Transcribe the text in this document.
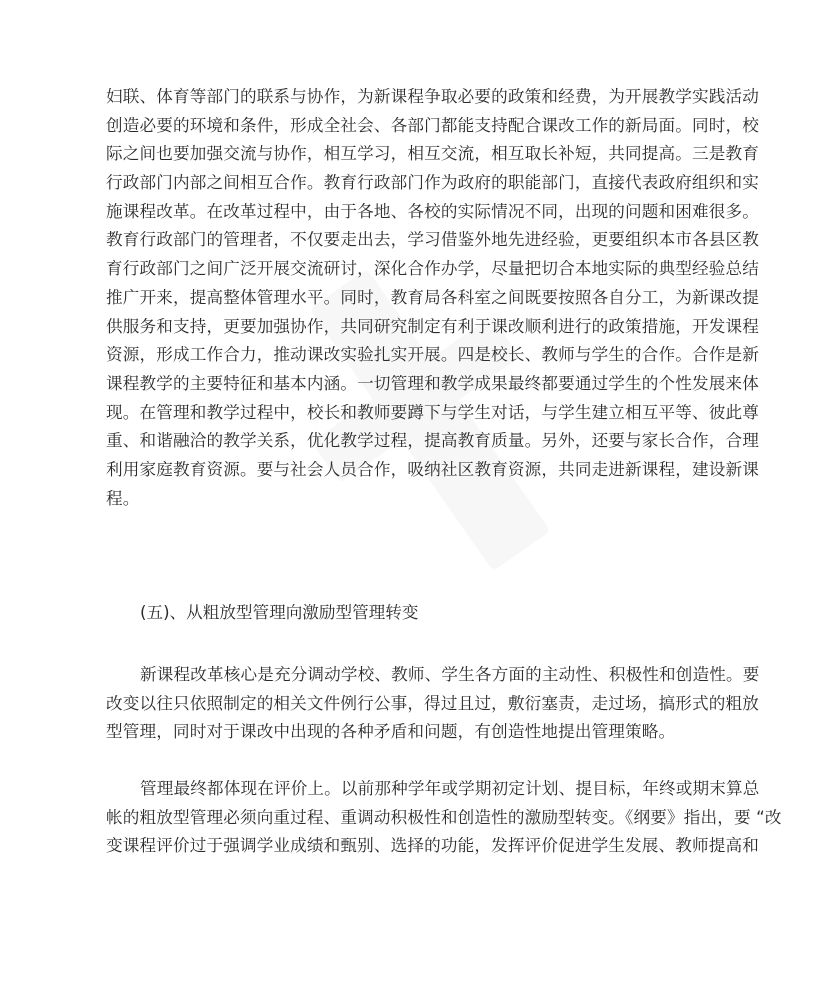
妇联、体育等部门的联系与协作，为新课程争取必要的政策和经费，为开展教学实践活动
创造必要的环境和条件，形成全社会、各部门都能支持配合课改工作的新局面。同时，校
际之间也要加强交流与协作，相互学习，相互交流，相互取长补短，共同提高。三是教育
行政部门内部之间相互合作。教育行政部门作为政府的职能部门，直接代表政府组织和实
施课程改革。在改革过程中，由于各地、各校的实际情况不同，出现的问题和困难很多。
教育行政部门的管理者，不仅要走出去，学习借鉴外地先进经验，更要组织本市各县区教
育行政部门之间广泛开展交流研讨，深化合作办学，尽量把切合本地实际的典型经验总结
推广开来，提高整体管理水平。同时，教育局各科室之间既要按照各自分工，为新课改提
供服务和支持，更要加强协作，共同研究制定有利于课改顺利进行的政策措施，开发课程
资源，形成工作合力，推动课改实验扎实开展。四是校长、教师与学生的合作。合作是新
课程教学的主要特征和基本内涵。一切管理和教学成果最终都要通过学生的个性发展来体
现。在管理和教学过程中，校长和教师要蹲下与学生对话，与学生建立相互平等、彼此尊
重、和谐融洽的教学关系，优化教学过程，提高教育质量。另外，还要与家长合作，合理
利用家庭教育资源。要与社会人员合作，吸纳社区教育资源，共同走进新课程，建设新课
程。
(五)、从粗放型管理向激励型管理转变
新课程改革核心是充分调动学校、教师、学生各方面的主动性、积极性和创造性。要
改变以往只依照制定的相关文件例行公事，得过且过，敷衍塞责，走过场，搞形式的粗放
型管理，同时对于课改中出现的各种矛盾和问题，有创造性地提出管理策略。
管理最终都体现在评价上。以前那种学年或学期初定计划、提目标，年终或期末算总
帐的粗放型管理必须向重过程、重调动积极性和创造性的激励型转变。《纲要》指出，要 “改
变课程评价过于强调学业成绩和甄别、选择的功能，发挥评价促进学生发展、教师提高和
